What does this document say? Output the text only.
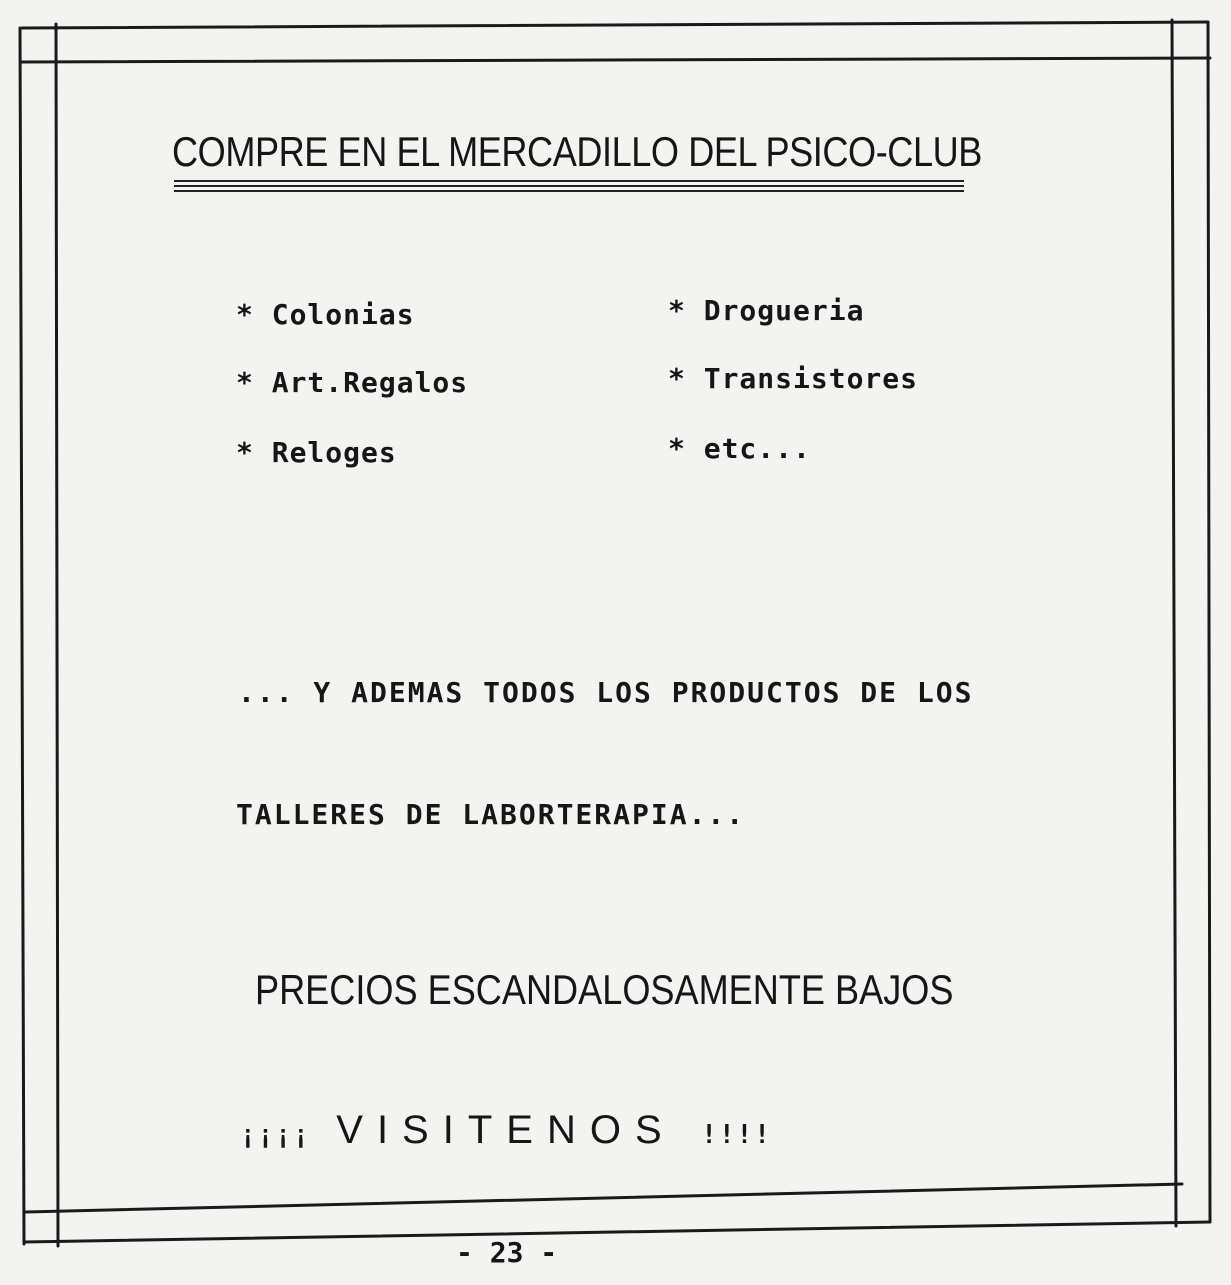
COMPRE EN EL MERCADILLO DEL PSICO-CLUB
* Colonias
* Art.Regalos
* Reloges
* Drogueria
* Transistores
* etc...
... Y ADEMAS TODOS LOS PRODUCTOS DE LOS
TALLERES DE LABORTERAPIA...
PRECIOS ESCANDALOSAMENTE BAJOS
¡¡¡¡ VISITENOS !!!!
- 23 -
